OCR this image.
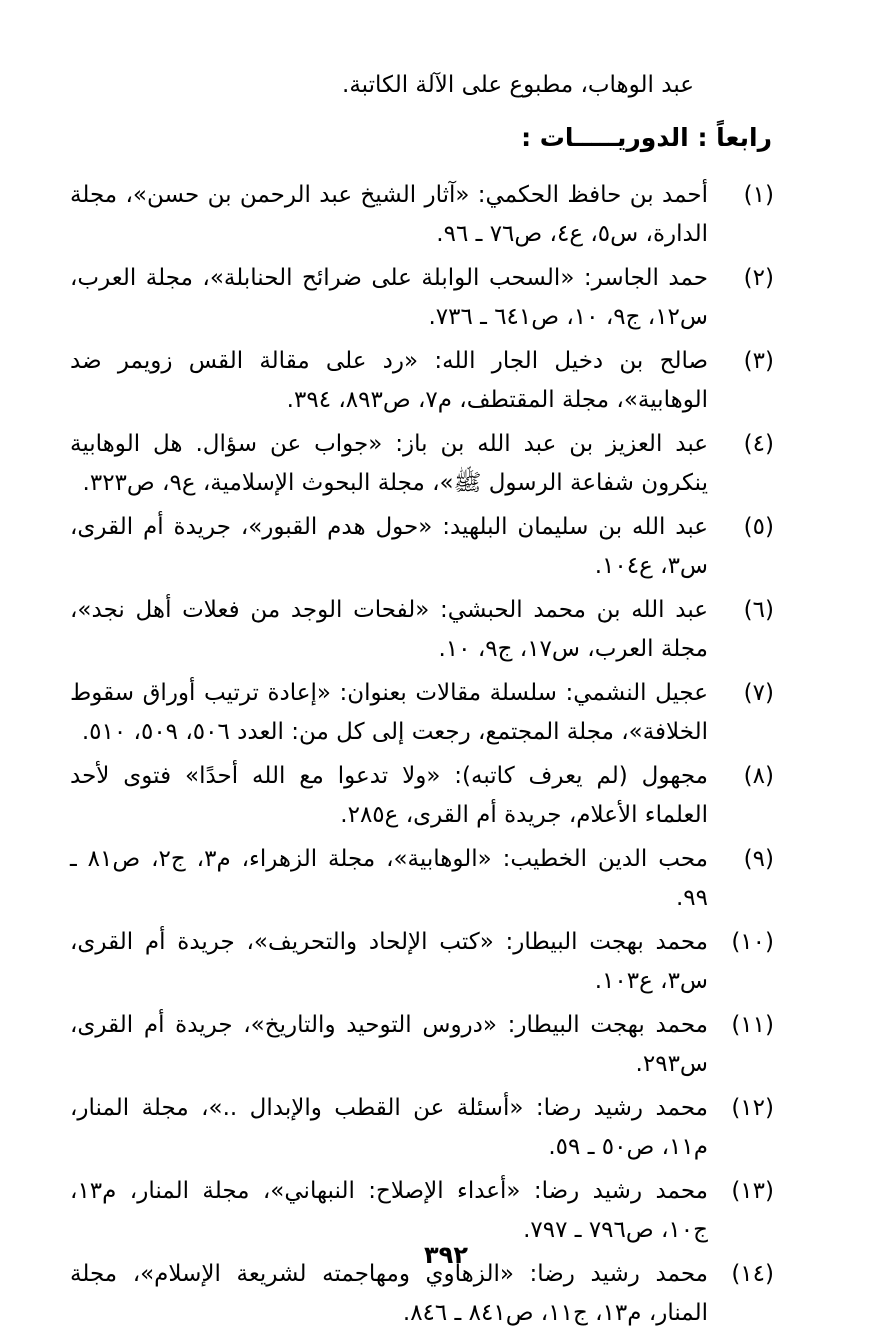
عبد الوهاب، مطبوع على الآلة الكاتبة.
رابعاً : الدوريـــــات :
(١)
أحمد بن حافظ الحكمي: «آثار الشيخ عبد الرحمن بن حسن»، مجلة الدارة، س٥، ع٤، ص٧٦ ـ ٩٦.
(٢)
حمد الجاسر: «السحب الوابلة على ضرائح الحنابلة»، مجلة العرب، س١٢، ج٩، ١٠، ص٦٤١ ـ ٧٣٦.
(٣)
صالح بن دخيل الجار الله: «رد على مقالة القس زويمر ضد الوهابية»، مجلة المقتطف، م٧، ص٨٩٣، ٣٩٤.
(٤)
عبد العزيز بن عبد الله بن باز: «جواب عن سؤال. هل الوهابية ينكرون شفاعة الرسول ﷺ»، مجلة البحوث الإسلامية، ع٩، ص٣٢٣.
(٥)
عبد الله بن سليمان البلهيد: «حول هدم القبور»، جريدة أم القرى، س٣، ع١٠٤.
(٦)
عبد الله بن محمد الحبشي: «لفحات الوجد من فعلات أهل نجد»، مجلة العرب، س١٧، ج٩، ١٠.
(٧)
عجيل النشمي: سلسلة مقالات بعنوان: «إعادة ترتيب أوراق سقوط الخلافة»، مجلة المجتمع، رجعت إلى كل من: العدد ٥٠٦، ٥٠٩، ٥١٠.
(٨)
مجهول (لم يعرف كاتبه): «ولا تدعوا مع الله أحدًا» فتوى لأحد العلماء الأعلام، جريدة أم القرى، ع٢٨٥.
(٩)
محب الدين الخطيب: «الوهابية»، مجلة الزهراء، م٣، ج٢، ص٨١ ـ ٩٩.
(١٠)
محمد بهجت البيطار: «كتب الإلحاد والتحريف»، جريدة أم القرى، س٣، ع١٠٣.
(١١)
محمد بهجت البيطار: «دروس التوحيد والتاريخ»، جريدة أم القرى، س٢٩٣.
(١٢)
محمد رشيد رضا: «أسئلة عن القطب والإبدال ..»، مجلة المنار، م١١، ص٥٠ ـ ٥٩.
(١٣)
محمد رشيد رضا: «أعداء الإصلاح: النبهاني»، مجلة المنار، م١٣، ج١٠، ص٧٩٦ ـ ٧٩٧.
(١٤)
محمد رشيد رضا: «الزهاوي ومهاجمته لشريعة الإسلام»، مجلة المنار، م١٣، ج١١، ص٨٤١ ـ ٨٤٦.
٣٩٢
